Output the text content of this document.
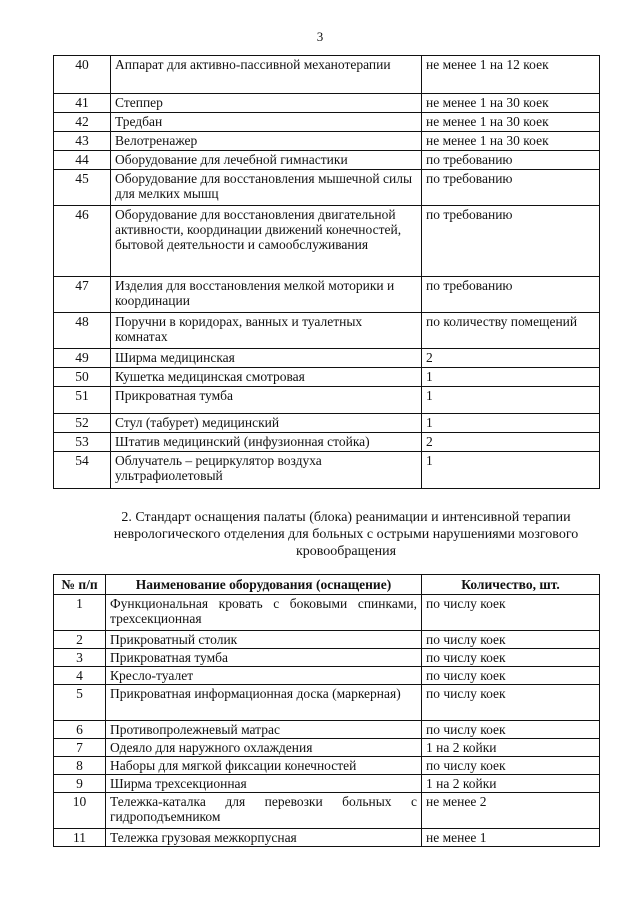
3
40	Аппарат для активно-пассивной механотерапии	не менее 1 на 12 коек
41	Степпер	не менее 1 на 30 коек
42	Тредбан	не менее 1 на 30 коек
43	Велотренажер	не менее 1 на 30 коек
44	Оборудование для лечебной гимнастики	по требованию
45	Оборудование для восстановления мышечной силы для мелких мышц	по требованию
46	Оборудование для восстановления двигательной активности, координации движений конечностей, бытовой деятельности и самообслуживания	по требованию
47	Изделия для восстановления мелкой моторики и координации	по требованию
48	Поручни в коридорах, ванных и туалетных комнатах	по количеству помещений
49	Ширма медицинская	2
50	Кушетка медицинская смотровая	1
51	Прикроватная тумба	1
52	Стул (табурет) медицинский	1
53	Штатив медицинский (инфузионная стойка)	2
54	Облучатель – рециркулятор воздуха ультрафиолетовый	1
2. Стандарт оснащения палаты (блока) реанимации и интенсивной терапии неврологического отделения для больных с острыми нарушениями мозгового кровообращения
№ п/п	Наименование оборудования (оснащение)	Количество, шт.
1	Функциональная кровать с боковыми спинками, трехсекционная	по числу коек
2	Прикроватный столик	по числу коек
3	Прикроватная тумба	по числу коек
4	Кресло-туалет	по числу коек
5	Прикроватная информационная доска (маркерная)	по числу коек
6	Противопролежневый матрас	по числу коек
7	Одеяло для наружного охлаждения	1 на 2 койки
8	Наборы для мягкой фиксации конечностей	по числу коек
9	Ширма трехсекционная	1 на 2 койки
10	Тележка-каталка для перевозки больных с гидроподъемником	не менее 2
11	Тележка грузовая межкорпусная	не менее 1
